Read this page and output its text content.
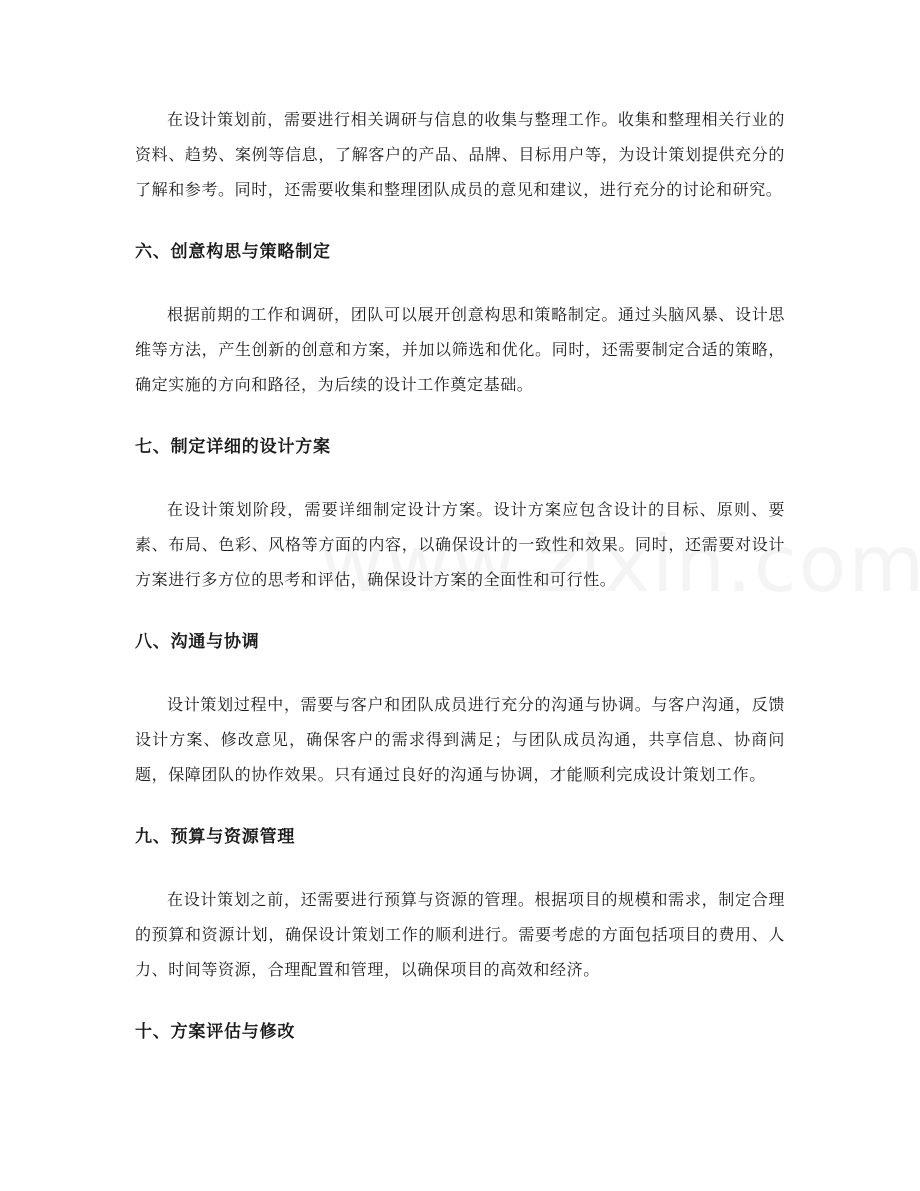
在设计策划前，需要进行相关调研与信息的收集与整理工作。收集和整理相关行业的资料、趋势、案例等信息，了解客户的产品、品牌、目标用户等，为设计策划提供充分的了解和参考。同时，还需要收集和整理团队成员的意见和建议，进行充分的讨论和研究。

六、创意构思与策略制定

根据前期的工作和调研，团队可以展开创意构思和策略制定。通过头脑风暴、设计思维等方法，产生创新的创意和方案，并加以筛选和优化。同时，还需要制定合适的策略，确定实施的方向和路径，为后续的设计工作奠定基础。

七、制定详细的设计方案

在设计策划阶段，需要详细制定设计方案。设计方案应包含设计的目标、原则、要素、布局、色彩、风格等方面的内容，以确保设计的一致性和效果。同时，还需要对设计方案进行多方位的思考和评估，确保设计方案的全面性和可行性。

八、沟通与协调

设计策划过程中，需要与客户和团队成员进行充分的沟通与协调。与客户沟通，反馈设计方案、修改意见，确保客户的需求得到满足；与团队成员沟通，共享信息、协商问题，保障团队的协作效果。只有通过良好的沟通与协调，才能顺利完成设计策划工作。

九、预算与资源管理

在设计策划之前，还需要进行预算与资源的管理。根据项目的规模和需求，制定合理的预算和资源计划，确保设计策划工作的顺利进行。需要考虑的方面包括项目的费用、人力、时间等资源，合理配置和管理，以确保项目的高效和经济。

十、方案评估与修改
